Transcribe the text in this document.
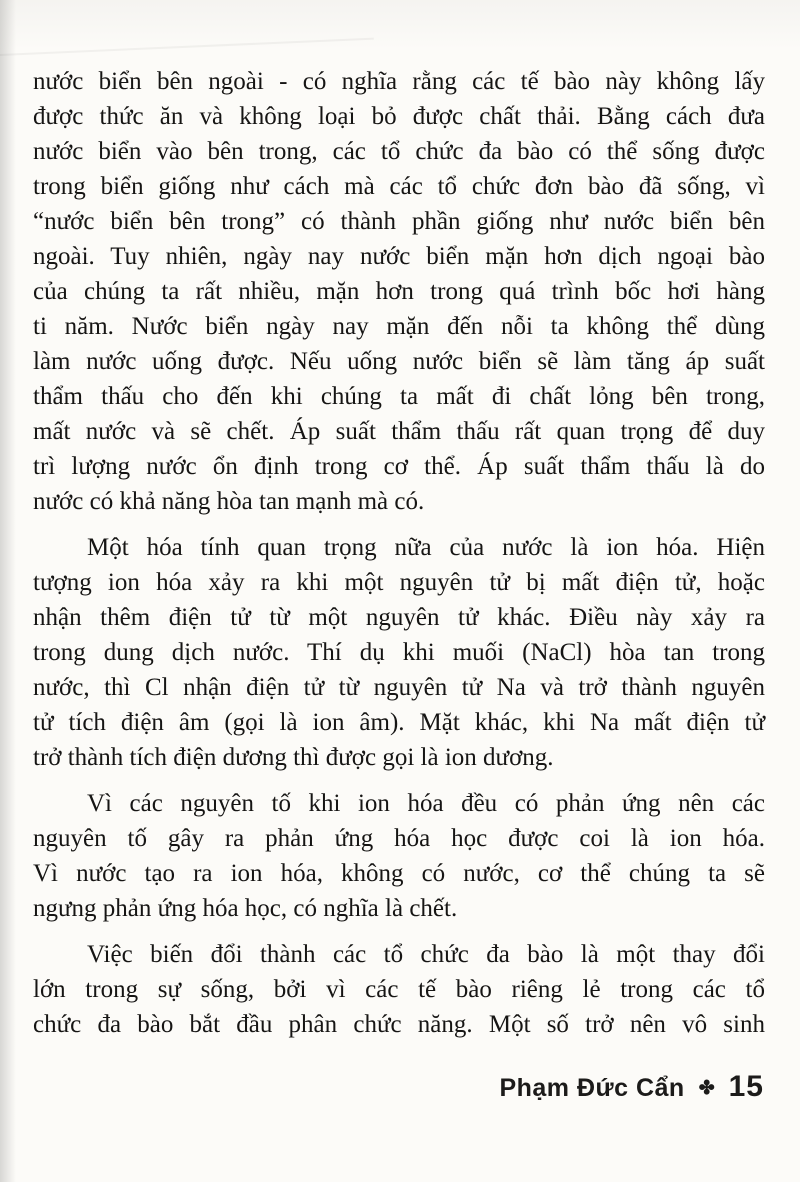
nước biển bên ngoài - có nghĩa rằng các tế bào này không lấy
được thức ăn và không loại bỏ được chất thải. Bằng cách đưa
nước biển vào bên trong, các tổ chức đa bào có thể sống được
trong biển giống như cách mà các tổ chức đơn bào đã sống, vì
“nước biển bên trong” có thành phần giống như nước biển bên
ngoài. Tuy nhiên, ngày nay nước biển mặn hơn dịch ngoại bào
của chúng ta rất nhiều, mặn hơn trong quá trình bốc hơi hàng
ti năm. Nước biển ngày nay mặn đến nỗi ta không thể dùng
làm nước uống được. Nếu uống nước biển sẽ làm tăng áp suất
thẩm thấu cho đến khi chúng ta mất đi chất lỏng bên trong,
mất nước và sẽ chết. Áp suất thẩm thấu rất quan trọng để duy
trì lượng nước ổn định trong cơ thể. Áp suất thẩm thấu là do
nước có khả năng hòa tan mạnh mà có.

Một hóa tính quan trọng nữa của nước là ion hóa. Hiện
tượng ion hóa xảy ra khi một nguyên tử bị mất điện tử, hoặc
nhận thêm điện tử từ một nguyên tử khác. Điều này xảy ra
trong dung dịch nước. Thí dụ khi muối (NaCl) hòa tan trong
nước, thì Cl nhận điện tử từ nguyên tử Na và trở thành nguyên
tử tích điện âm (gọi là ion âm). Mặt khác, khi Na mất điện tử
trở thành tích điện dương thì được gọi là ion dương.

Vì các nguyên tố khi ion hóa đều có phản ứng nên các
nguyên tố gây ra phản ứng hóa học được coi là ion hóa.
Vì nước tạo ra ion hóa, không có nước, cơ thể chúng ta sẽ
ngưng phản ứng hóa học, có nghĩa là chết.

Việc biến đổi thành các tổ chức đa bào là một thay đổi
lớn trong sự sống, bởi vì các tế bào riêng lẻ trong các tổ
chức đa bào bắt đầu phân chức năng. Một số trở nên vô sinh

Phạm Đức Cẩn ✤ 15
